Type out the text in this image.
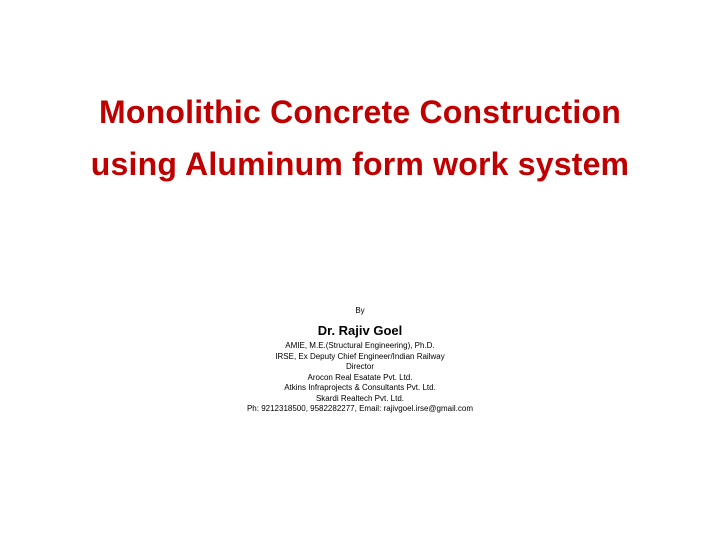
Monolithic Concrete Construction
using Aluminum form work system
By
Dr. Rajiv Goel
AMIE, M.E.(Structural Engineering), Ph.D.
IRSE, Ex Deputy Chief Engineer/Indian Railway
Director
Arocon Real Esatate Pvt. Ltd.
Atkins Infraprojects & Consultants Pvt. Ltd.
Skardi Realtech Pvt. Ltd.
Ph: 9212318500, 9582282277, Email: rajivgoel.irse@gmail.com
